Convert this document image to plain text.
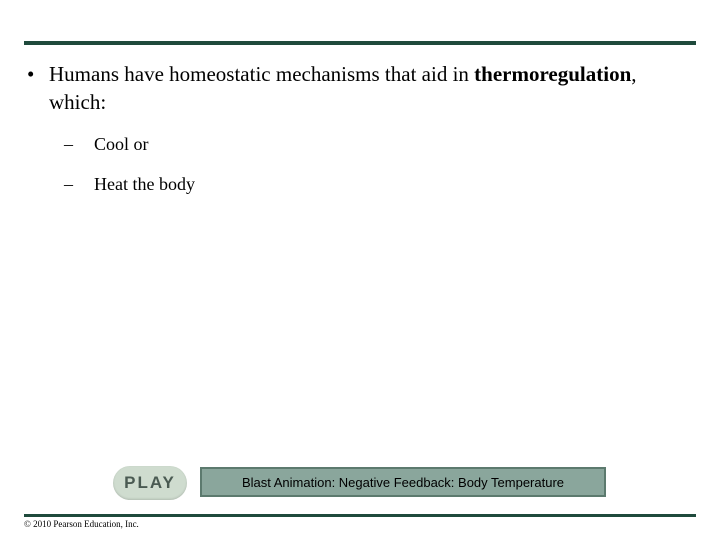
• Humans have homeostatic mechanisms that aid in thermoregulation, which:
– Cool or
– Heat the body
PLAY	Blast Animation: Negative Feedback: Body Temperature
© 2010 Pearson Education, Inc.
